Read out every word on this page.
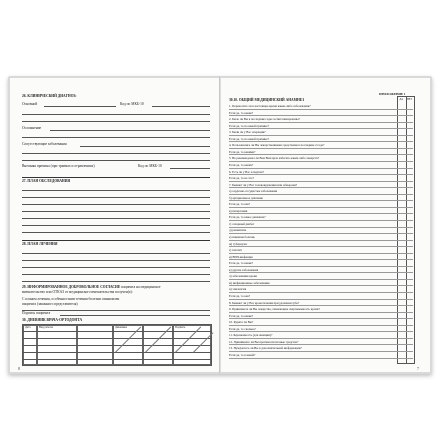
26. КЛИНИЧЕСКИЙ ДИАГНОЗ:
Основной	Код по МКБ-10
Осложнение
Сопутствующие заболевания
Внешняя причина (при травмах и отравлениях)	Код по МКБ-10
27. ПЛАН ОБСЛЕДОВАНИЯ
28. ПЛАН ЛЕЧЕНИЯ
29. ИНФОРМИРОВАННОЕ ДОБРОВОЛЬНОЕ СОГЛАСИЕ пациента на медицинское
вмешательство или ОТКАЗ от медицинского вмешательства получен(а):
С планом лечения, особенностями течения болезни ознакомлен
пациента (законного представителя)
Подпись пациента
30. ДНЕВНИК ВРАЧА-ОРТОДОНТА
Дата	Вид работы	Динамика	Подпись
8
ПРИЛОЖЕНИЕ 1
30.10. ОБЩИЙ МЕДИЦИНСКИЙ АНАМНЕЗ	ДА НЕТ
1. Переносите ли в настоящее время какие-либо заболевания?
Если да, то какие?
2. Было ли Вы в последние годы госпитализированы?
Если да, то по какой причине?
3. Были ли у Вас операции?
Если да, то по какой причине?
4. Пользовались ли Вы лекарственными средствами в последние 2 года?
Если да, то какими?
5. Не рекомендовал ли Вам Ваш врач избегать каких-либо лекарств?
Если да, то каких?
6. Есть ли у Вас аллергия?
Если да, то на что?
7. Бывают ли у Вас головокружения или обмороки?
а) сердечно-сосудистые заболевания
б) артериальное давление
Если да, то как?
в) гипертония
Если да, то какое давление?
г) сахарный диабет
д) ревматизм
е) язвенная болезнь
ж) туберкулез
з) гепатит
и) ВИЧ-инфекция
Если да, то какие?
к) другие заболевания
л) заболевания крови
м) инфекционные заболевания
н) эпилепсия
Если да, то как?
8. Бывают ли у Вас кровотечения при удалении зуба?
9. Принимаете ли Вы лекарства, снижающие свертываемость крови?
Если да, то какие?
10. Курите ли Вы?
Если да, то сколько?
11. Беременность (для женщин)?
12. Принимаете ли Вы противозачаточные средства?
13. Нуждаетесь ли Вы в дополнительной информации?
Если да, то в какой?
7
